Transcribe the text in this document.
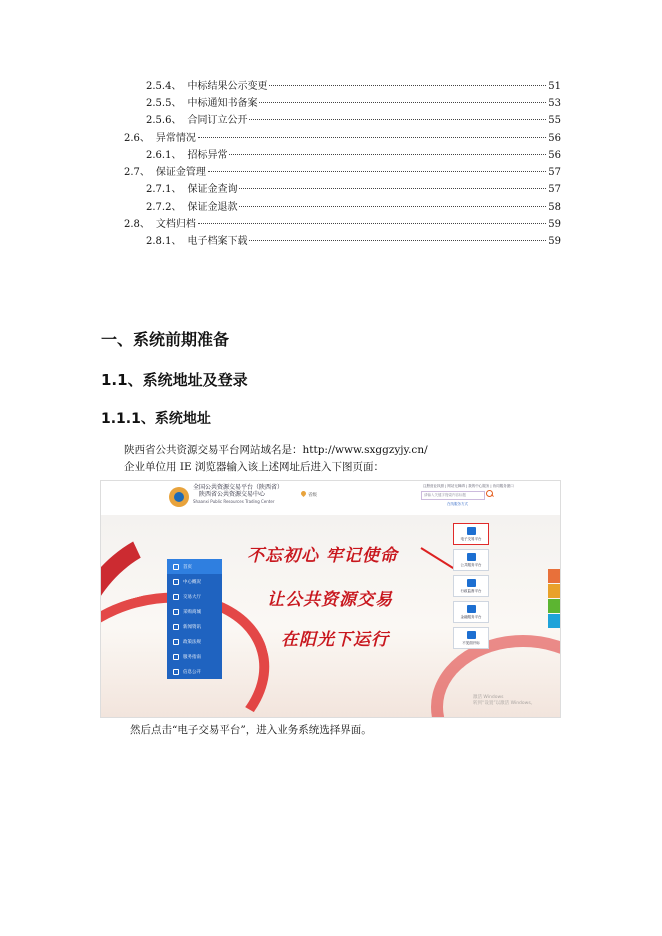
2.5.4、 中标结果公示变更	51
2.5.5、 中标通知书备案	53
2.5.6、 合同订立公开	55
2.6、 异常情况	56
2.6.1、 招标异常	56
2.7、 保证金管理	57
2.7.1、 保证金查询	57
2.7.2、 保证金退款	58
2.8、 文档归档	59
2.8.1、 电子档案下载	59
一、系统前期准备
1.1、系统地址及登录
1.1.1、系统地址
陕西省公共资源交易平台网站域名是：http://www.sxggzyjy.cn/
企业单位用 IE 浏览器输入该上述网址后进入下图页面：
全国公共资源交易平台（陕西省）
陕西省公共资源交易中心
Shaanxi Public Resources Trading Center
省级
注册营业执照 | 网站无障碍 | 我的中心服务 | 协同服务窗口
请输入关键字搜索内容标题
在线服务方式
首页
中心概况
交易大厅
采购商城
新闻资讯
政策法规
服务指南
信息公开
不忘初心 牢记使命
让公共资源交易
在阳光下运行
电子交易平台
公共服务平台
行政监督平台
金融服务平台
不见面开标
激活 Windows
转到“设置”以激活 Windows。
然后点击“电子交易平台”，进入业务系统选择界面。
